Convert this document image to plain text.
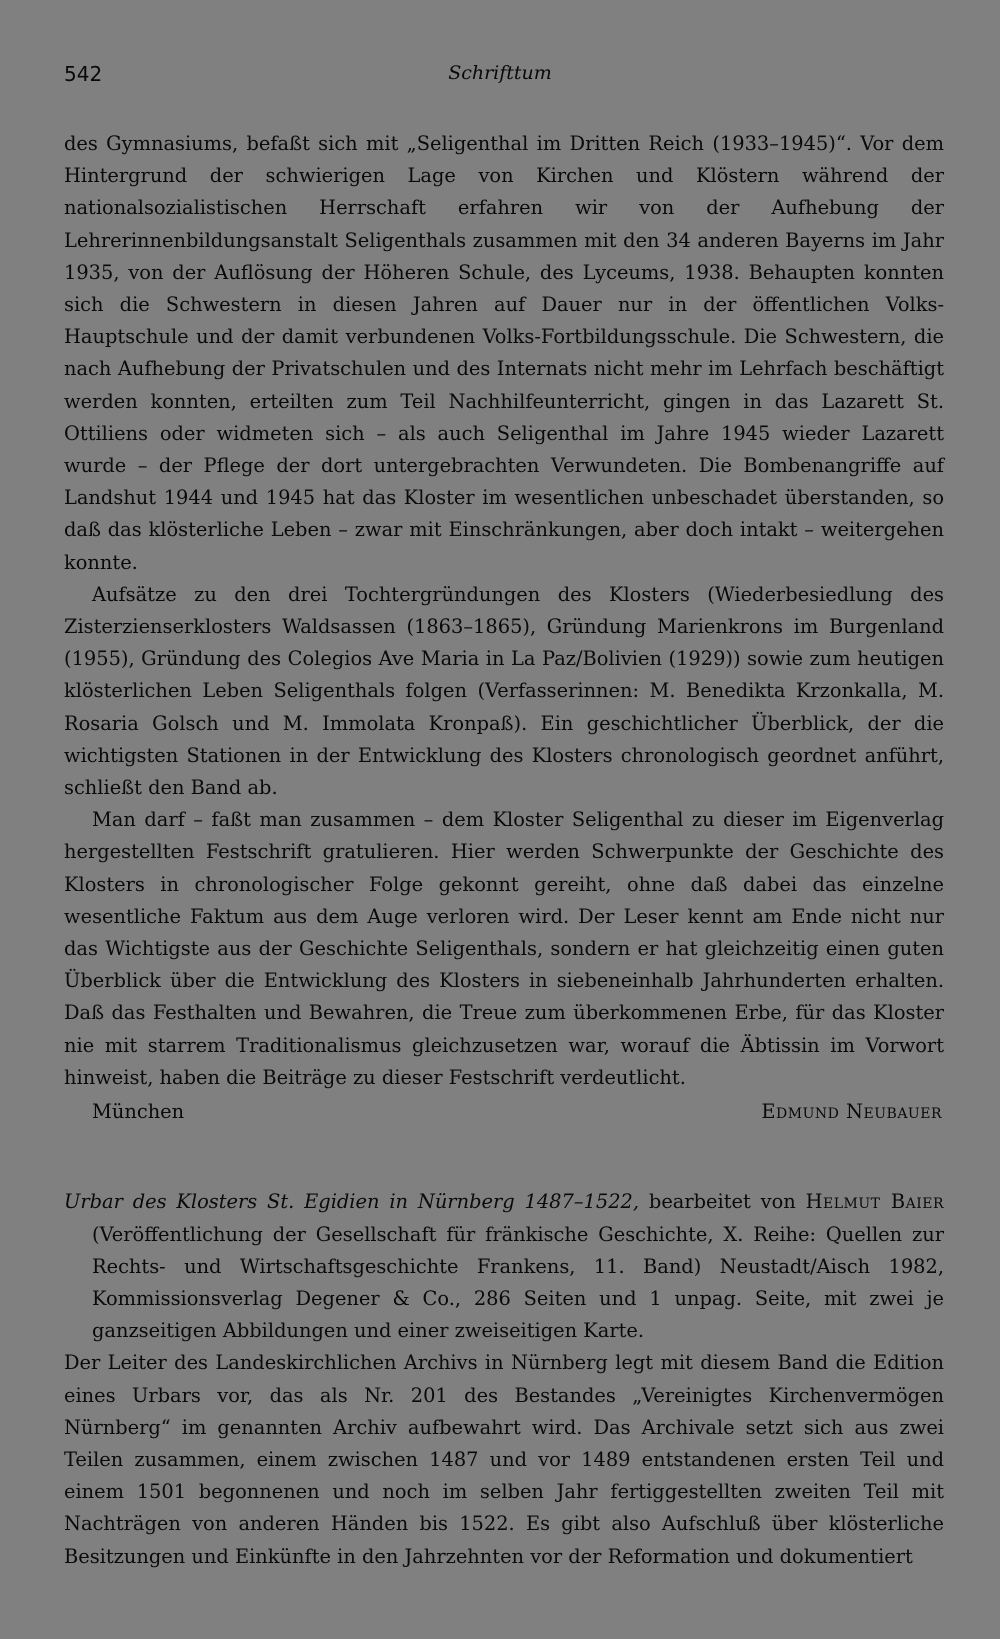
542	Schrifttum

des Gymnasiums, befaßt sich mit „Seligenthal im Dritten Reich (1933–1945)“. Vor dem Hintergrund der schwierigen Lage von Kirchen und Klöstern während der nationalsozialistischen Herrschaft erfahren wir von der Aufhebung der Lehrerinnenbildungsanstalt Seligenthals zusammen mit den 34 anderen Bayerns im Jahr 1935, von der Auflösung der Höheren Schule, des Lyceums, 1938. Behaupten konnten sich die Schwestern in diesen Jahren auf Dauer nur in der öffentlichen Volks-Hauptschule und der damit verbundenen Volks-Fortbildungsschule. Die Schwestern, die nach Aufhebung der Privatschulen und des Internats nicht mehr im Lehrfach beschäftigt werden konnten, erteilten zum Teil Nachhilfeunterricht, gingen in das Lazarett St. Ottiliens oder widmeten sich – als auch Seligenthal im Jahre 1945 wieder Lazarett wurde – der Pflege der dort untergebrachten Verwundeten. Die Bombenangriffe auf Landshut 1944 und 1945 hat das Kloster im wesentlichen unbeschadet überstanden, so daß das klösterliche Leben – zwar mit Einschränkungen, aber doch intakt – weitergehen konnte.

Aufsätze zu den drei Tochtergründungen des Klosters (Wiederbesiedlung des Zisterzienserklosters Waldsassen (1863–1865), Gründung Marienkrons im Burgenland (1955), Gründung des Colegios Ave Maria in La Paz/Bolivien (1929)) sowie zum heutigen klösterlichen Leben Seligenthals folgen (Verfasserinnen: M. Benedikta Krzonkalla, M. Rosaria Golsch und M. Immolata Kronpaß). Ein geschichtlicher Überblick, der die wichtigsten Stationen in der Entwicklung des Klosters chronologisch geordnet anführt, schließt den Band ab.

Man darf – faßt man zusammen – dem Kloster Seligenthal zu dieser im Eigenverlag hergestellten Festschrift gratulieren. Hier werden Schwerpunkte der Geschichte des Klosters in chronologischer Folge gekonnt gereiht, ohne daß dabei das einzelne wesentliche Faktum aus dem Auge verloren wird. Der Leser kennt am Ende nicht nur das Wichtigste aus der Geschichte Seligenthals, sondern er hat gleichzeitig einen guten Überblick über die Entwicklung des Klosters in siebeneinhalb Jahrhunderten erhalten. Daß das Festhalten und Bewahren, die Treue zum überkommenen Erbe, für das Kloster nie mit starrem Traditionalismus gleichzusetzen war, worauf die Äbtissin im Vorwort hinweist, haben die Beiträge zu dieser Festschrift verdeutlicht.

München	Edmund Neubauer

Urbar des Klosters St. Egidien in Nürnberg 1487–1522, bearbeitet von Helmut Baier (Veröffentlichung der Gesellschaft für fränkische Geschichte, X. Reihe: Quellen zur Rechts- und Wirtschaftsgeschichte Frankens, 11. Band) Neustadt/Aisch 1982, Kommissionsverlag Degener & Co., 286 Seiten und 1 unpag. Seite, mit zwei je ganzseitigen Abbildungen und einer zweiseitigen Karte.

Der Leiter des Landeskirchlichen Archivs in Nürnberg legt mit diesem Band die Edition eines Urbars vor, das als Nr. 201 des Bestandes „Vereinigtes Kirchenvermögen Nürnberg“ im genannten Archiv aufbewahrt wird. Das Archivale setzt sich aus zwei Teilen zusammen, einem zwischen 1487 und vor 1489 entstandenen ersten Teil und einem 1501 begonnenen und noch im selben Jahr fertiggestellten zweiten Teil mit Nachträgen von anderen Händen bis 1522. Es gibt also Aufschluß über klösterliche Besitzungen und Einkünfte in den Jahrzehnten vor der Reformation und dokumentiert
